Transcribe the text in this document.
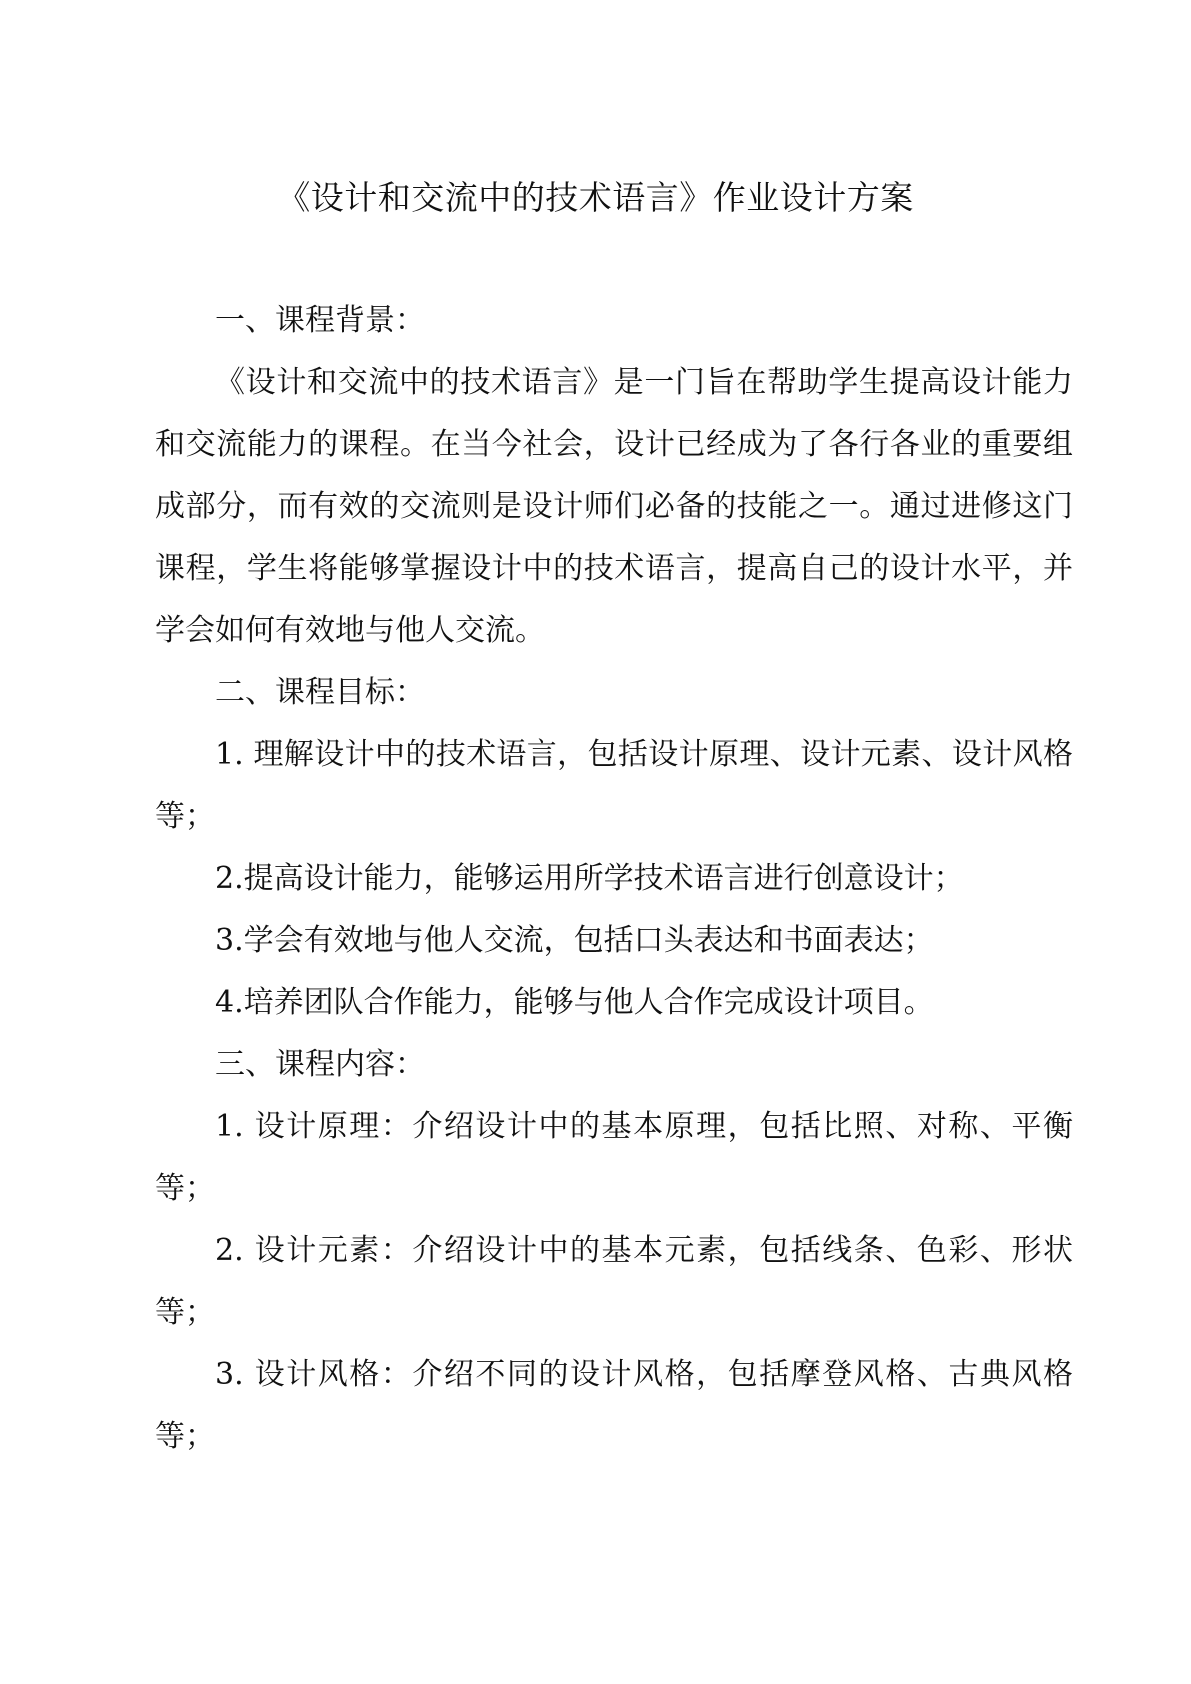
《设计和交流中的技术语言》作业设计方案

一、课程背景：

《设计和交流中的技术语言》是一门旨在帮助学生提高设计能力和交流能力的课程。在当今社会，设计已经成为了各行各业的重要组成部分，而有效的交流则是设计师们必备的技能之一。通过进修这门课程，学生将能够掌握设计中的技术语言，提高自己的设计水平，并学会如何有效地与他人交流。

二、课程目标：

1. 理解设计中的技术语言，包括设计原理、设计元素、设计风格等；

2.提高设计能力，能够运用所学技术语言进行创意设计；

3.学会有效地与他人交流，包括口头表达和书面表达；

4.培养团队合作能力，能够与他人合作完成设计项目。

三、课程内容：

1. 设计原理：介绍设计中的基本原理，包括比照、对称、平衡等；

2. 设计元素：介绍设计中的基本元素，包括线条、色彩、形状等；

3. 设计风格：介绍不同的设计风格，包括摩登风格、古典风格等；
